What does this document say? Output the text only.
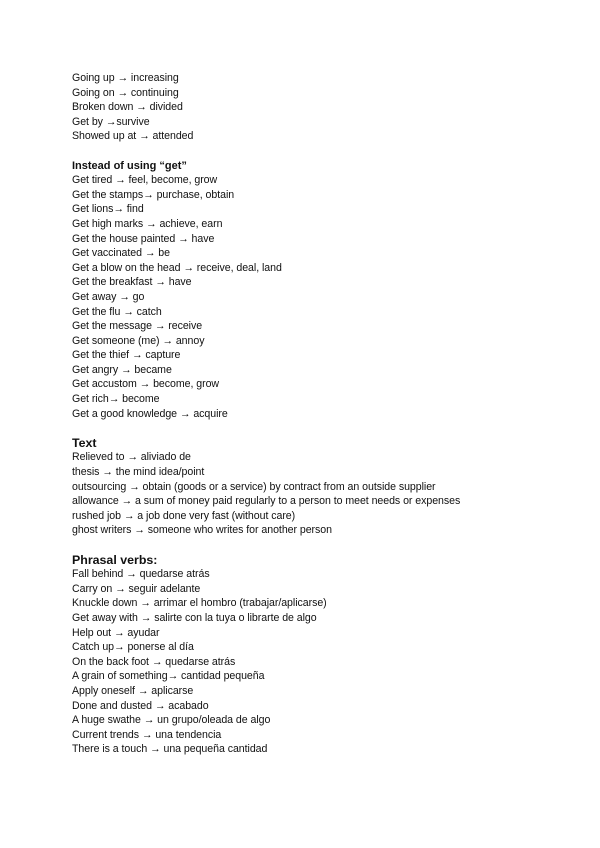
Going up → increasing
Going on → continuing
Broken down → divided
Get by →survive
Showed up at → attended
Instead of using “get”
Get tired → feel, become, grow
Get the stamps→ purchase, obtain
Get lions→ find
Get high marks → achieve, earn
Get the house painted → have
Get vaccinated → be
Get a blow on the head → receive, deal, land
Get the breakfast → have
Get away → go
Get the flu → catch
Get the message → receive
Get someone (me) → annoy
Get the thief → capture
Get angry → became
Get accustom → become, grow
Get rich→ become
Get a good knowledge → acquire
Text
Relieved to → aliviado de
thesis → the mind idea/point
outsourcing → obtain (goods or a service) by contract from an outside supplier
allowance → a sum of money paid regularly to a person to meet needs or expenses
rushed job → a job done very fast (without care)
ghost writers → someone who writes for another person
Phrasal verbs:
Fall behind → quedarse atrás
Carry on → seguir adelante
Knuckle down → arrimar el hombro (trabajar/aplicarse)
Get away with → salirte con la tuya o librarte de algo
Help out → ayudar
Catch up→ ponerse al día
On the back foot → quedarse atrás
A grain of something→ cantidad pequeña
Apply oneself → aplicarse
Done and dusted → acabado
A huge swathe → un grupo/oleada de algo
Current trends → una tendencia
There is a touch → una pequeña cantidad
